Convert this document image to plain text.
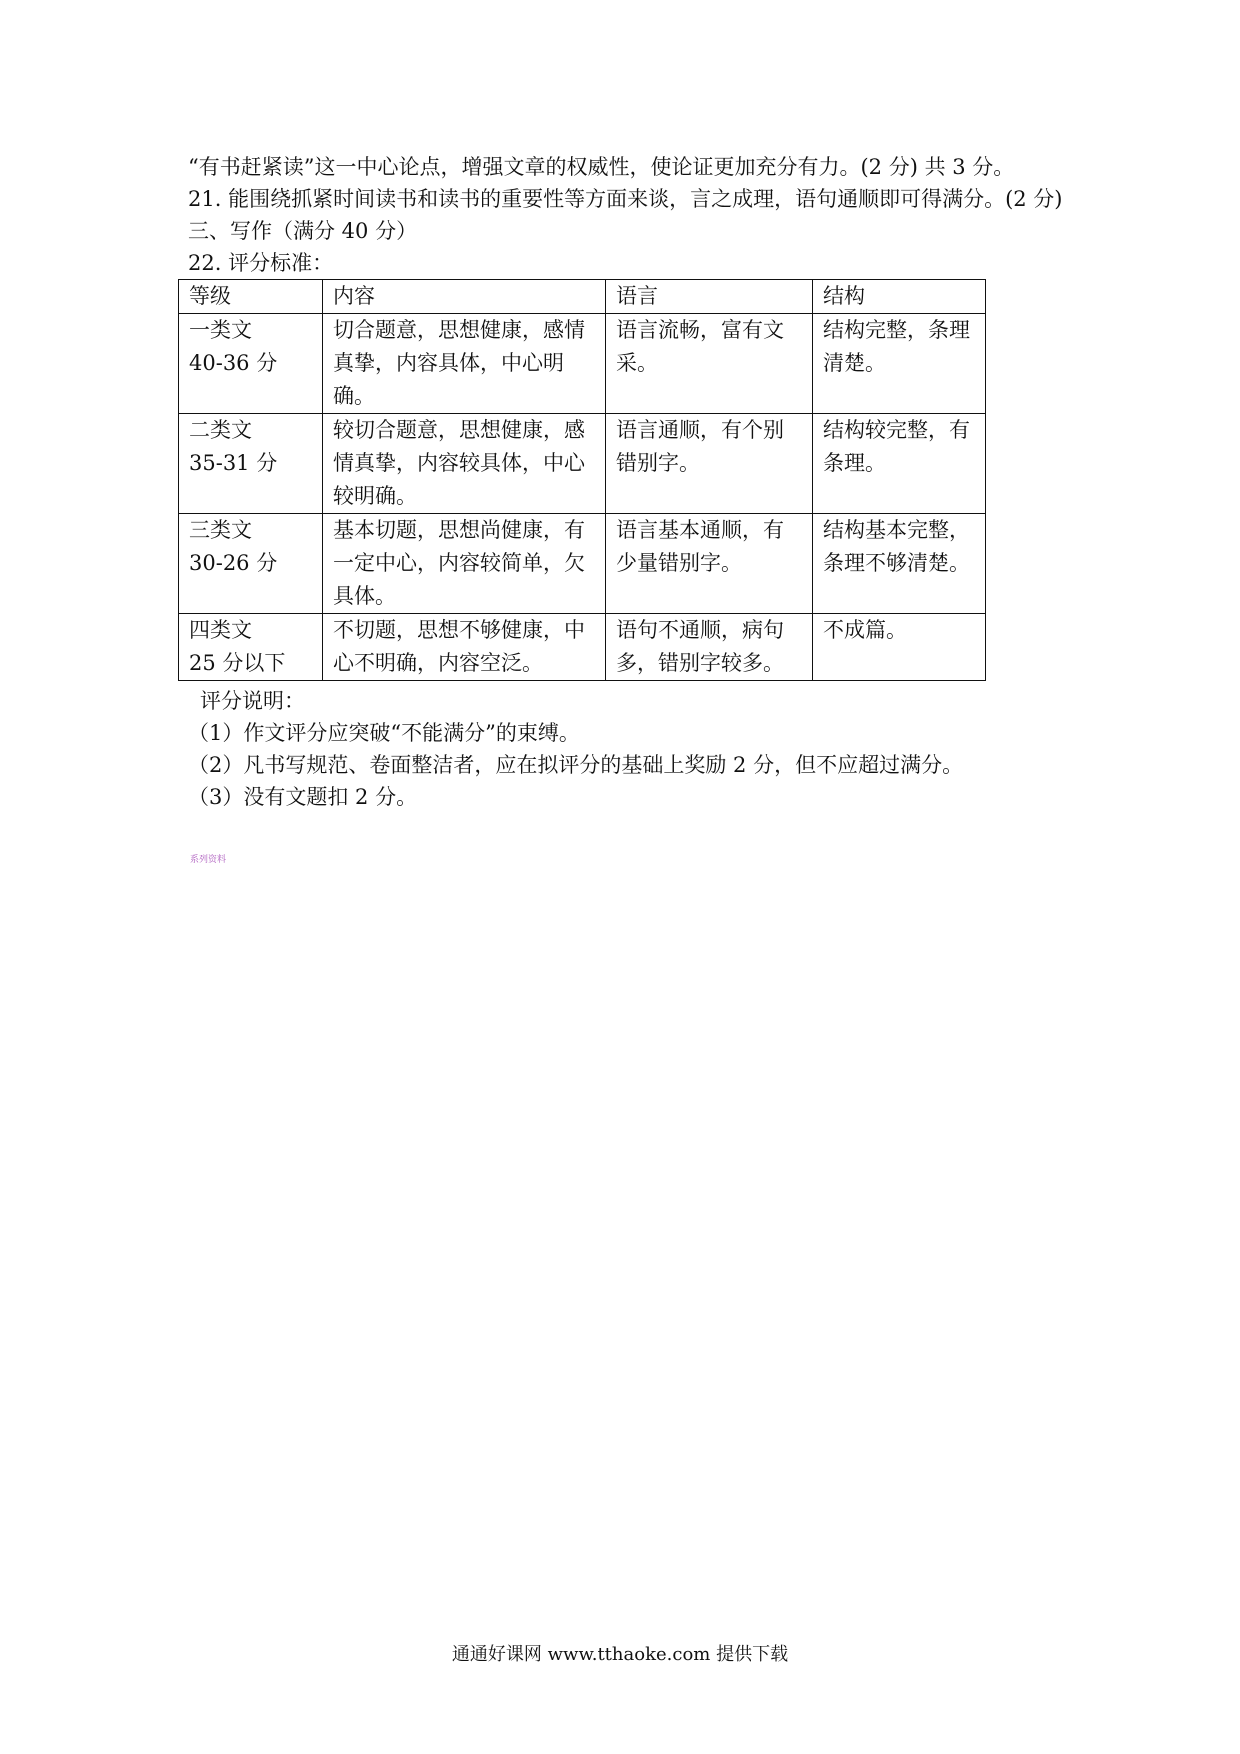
“有书赶紧读”这一中心论点，增强文章的权威性，使论证更加充分有力。(2 分) 共 3 分。
21. 能围绕抓紧时间读书和读书的重要性等方面来谈，言之成理，语句通顺即可得满分。(2 分)
三、写作（满分 40 分）
22. 评分标准：
等级	内容	语言	结构

一类文
40-36 分	切合题意，思想健康，感情真挚，内容具体，中心明确。	语言流畅，富有文采。	结构完整，条理清楚。

二类文
35-31 分	较切合题意，思想健康，感情真挚，内容较具体，中心较明确。	语言通顺，有个别错别字。	结构较完整，有条理。

三类文
30-26 分	基本切题，思想尚健康，有一定中心，内容较简单，欠具体。	语言基本通顺，有少量错别字。	结构基本完整，条理不够清楚。

四类文
25 分以下	不切题，思想不够健康，中心不明确，内容空泛。	语句不通顺，病句多，错别字较多。	不成篇。
评分说明：
（1）作文评分应突破“不能满分”的束缚。
（2）凡书写规范、卷面整洁者，应在拟评分的基础上奖励 2 分，但不应超过满分。
（3）没有文题扣 2 分。
系列资料
通通好课网 www.tthaoke.com 提供下载
